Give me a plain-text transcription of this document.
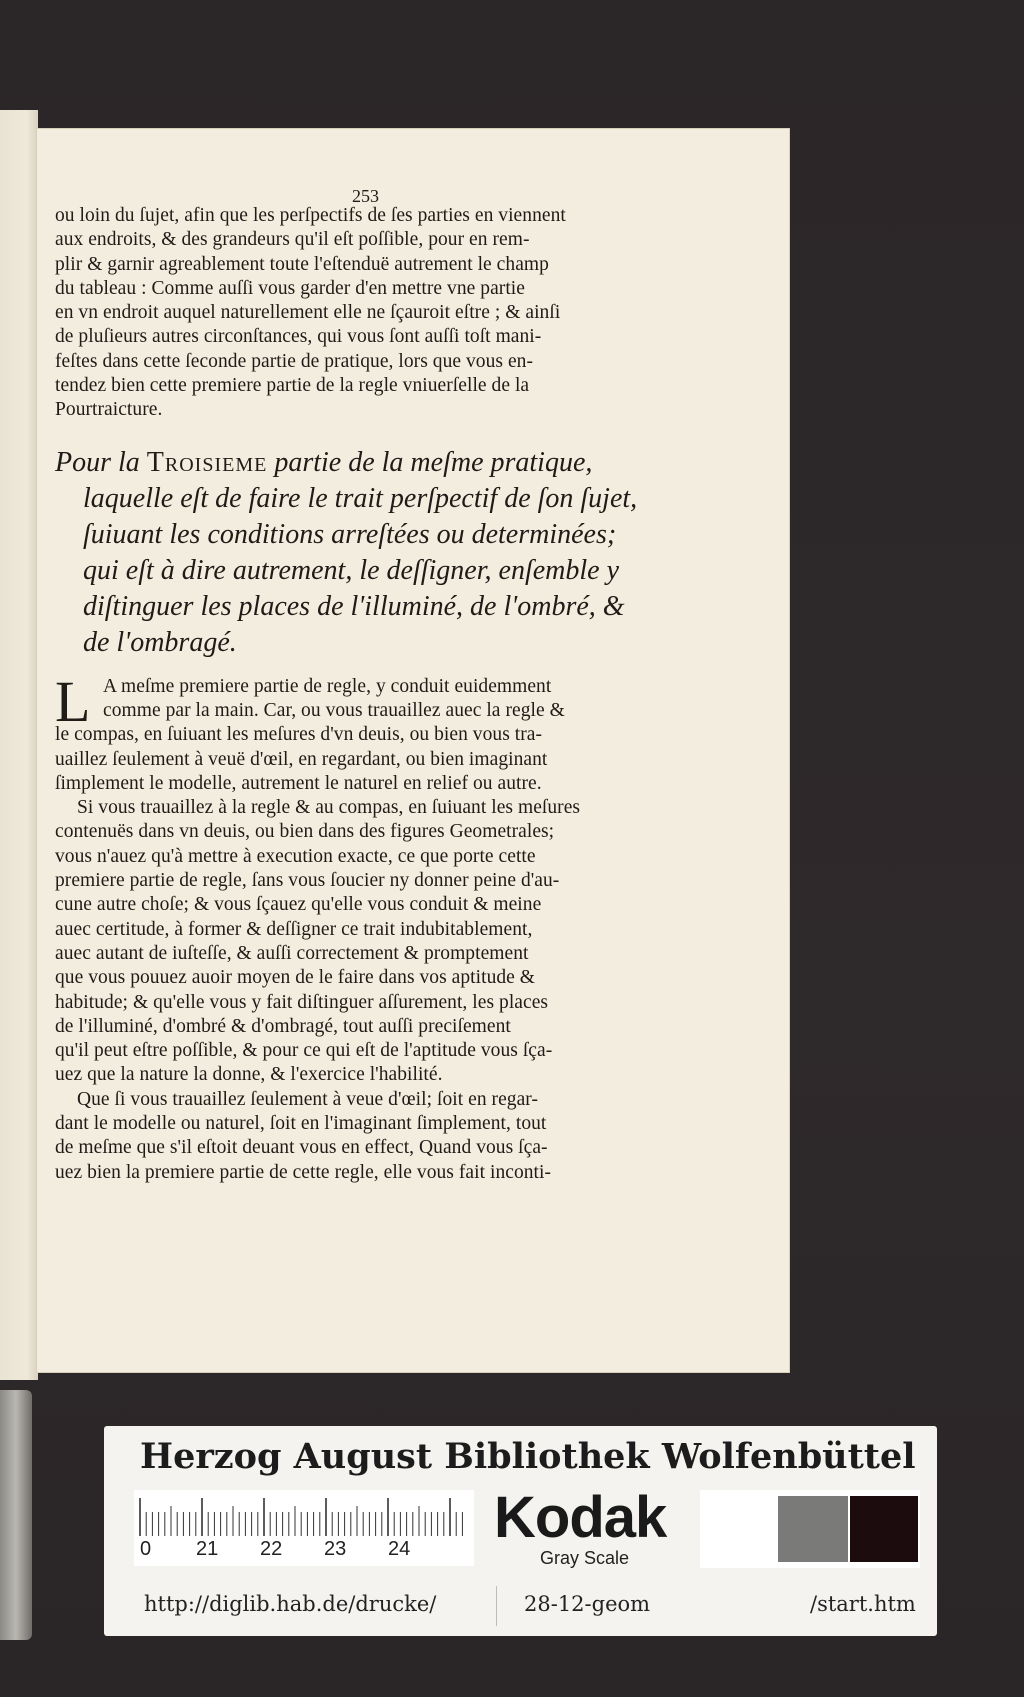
253
ou loin du ſujet, afin que les perſpectifs de ſes parties en viennent
aux endroits, & des grandeurs qu'il eſt poſſible, pour en rem-
plir & garnir agreablement toute l'eſtenduë autrement le champ
du tableau : Comme auſſi vous garder d'en mettre vne partie
en vn endroit auquel naturellement elle ne ſçauroit eſtre ; & ainſi
de pluſieurs autres circonſtances, qui vous ſont auſſi toſt mani-
feſtes dans cette ſeconde partie de pratique, lors que vous en-
tendez bien cette premiere partie de la regle vniuerſelle de la
Pourtraicture.
Pour la Troisieme partie de la meſme pratique,
laquelle eſt de faire le trait perſpectif de ſon ſujet,
ſuiuant les conditions arreſtées ou determinées;
qui eſt à dire autrement, le deſſigner, enſemble y
diſtinguer les places de l'illuminé, de l'ombré, &
de l'ombragé.
L A meſme premiere partie de regle, y conduit euidemment
comme par la main. Car, ou vous trauaillez auec la regle &
le compas, en ſuiuant les meſures d'vn deuis, ou bien vous tra-
uaillez ſeulement à veuë d'œil, en regardant, ou bien imaginant
ſimplement le modelle, autrement le naturel en relief ou autre.
Si vous trauaillez à la regle & au compas, en ſuiuant les meſures
contenuës dans vn deuis, ou bien dans des figures Geometrales;
vous n'auez qu'à mettre à execution exacte, ce que porte cette
premiere partie de regle, ſans vous ſoucier ny donner peine d'au-
cune autre choſe; & vous ſçauez qu'elle vous conduit & meine
auec certitude, à former & deſſigner ce trait indubitablement,
auec autant de iuſteſſe, & auſſi correctement & promptement
que vous pouuez auoir moyen de le faire dans vos aptitude &
habitude; & qu'elle vous y fait diſtinguer aſſurement, les places
de l'illuminé, d'ombré & d'ombragé, tout auſſi preciſement
qu'il peut eſtre poſſible, & pour ce qui eſt de l'aptitude vous ſça-
uez que la nature la donne, & l'exercice l'habilité.
Que ſi vous trauaillez ſeulement à veue d'œil; ſoit en regar-
dant le modelle ou naturel, ſoit en l'imaginant ſimplement, tout
de meſme que s'il eſtoit deuant vous en effect, Quand vous ſça-
uez bien la premiere partie de cette regle, elle vous fait inconti-
Herzog August Bibliothek Wolfenbüttel
0 21 22 23 24 Kodak
Gray Scale
http://diglib.hab.de/drucke/	28-12-geom	/start.htm
